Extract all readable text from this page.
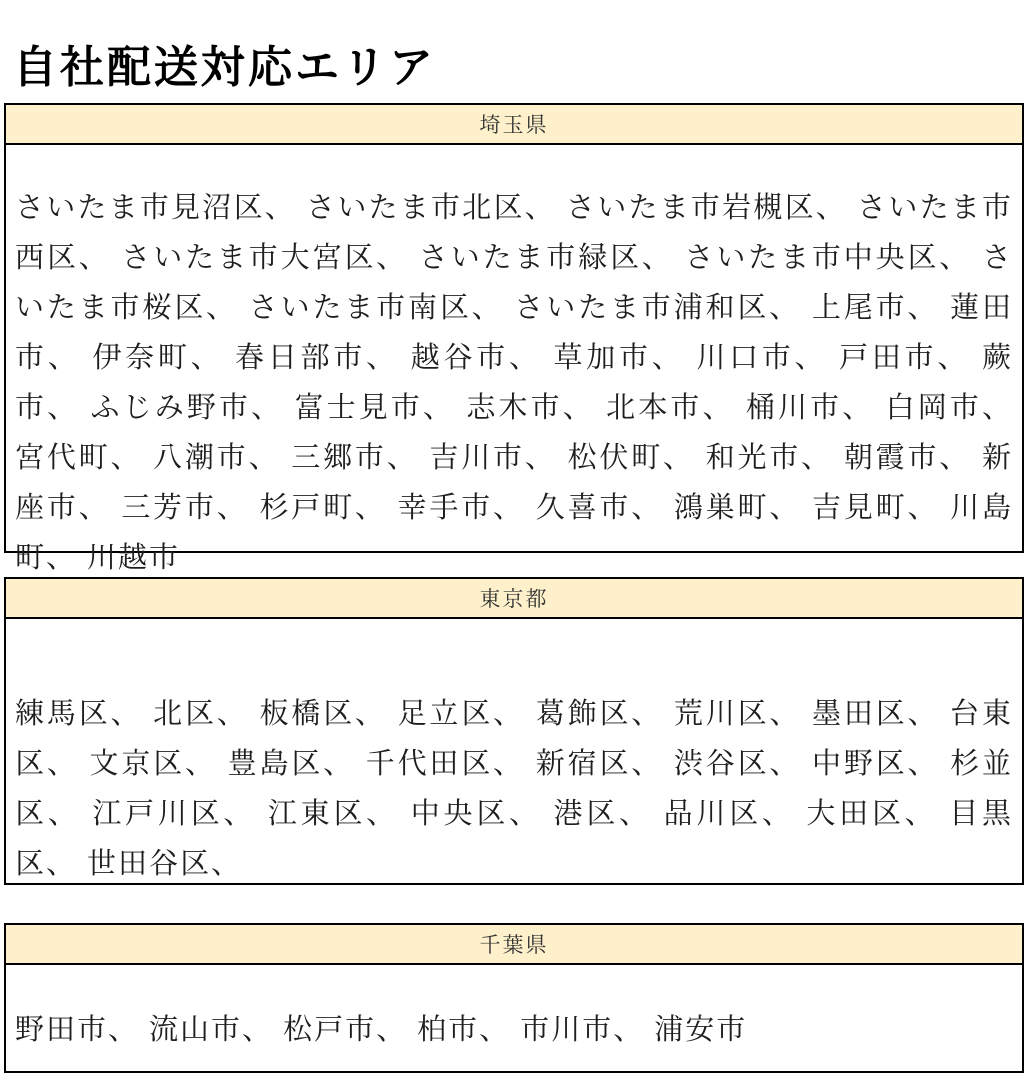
自社配送対応エリア
埼玉県
さいたま市見沼区、 さいたま市北区、 さいたま市岩槻区、 さいたま市西区、 さいたま市大宮区、 さいたま市緑区、 さいたま市中央区、 さいたま市桜区、 さいたま市南区、 さいたま市浦和区、 上尾市、 蓮田市、 伊奈町、 春日部市、 越谷市、 草加市、 川口市、 戸田市、 蕨市、 ふじみ野市、 富士見市、 志木市、 北本市、 桶川市、 白岡市、 宮代町、 八潮市、 三郷市、 吉川市、 松伏町、 和光市、 朝霞市、 新座市、 三芳市、 杉戸町、 幸手市、 久喜市、 鴻巣町、 吉見町、 川島町、 川越市
東京都
練馬区、 北区、 板橋区、 足立区、 葛飾区、 荒川区、 墨田区、 台東区、 文京区、 豊島区、 千代田区、 新宿区、 渋谷区、 中野区、 杉並区、 江戸川区、 江東区、 中央区、 港区、 品川区、 大田区、 目黒区、 世田谷区、
千葉県
野田市、 流山市、 松戸市、 柏市、 市川市、 浦安市
